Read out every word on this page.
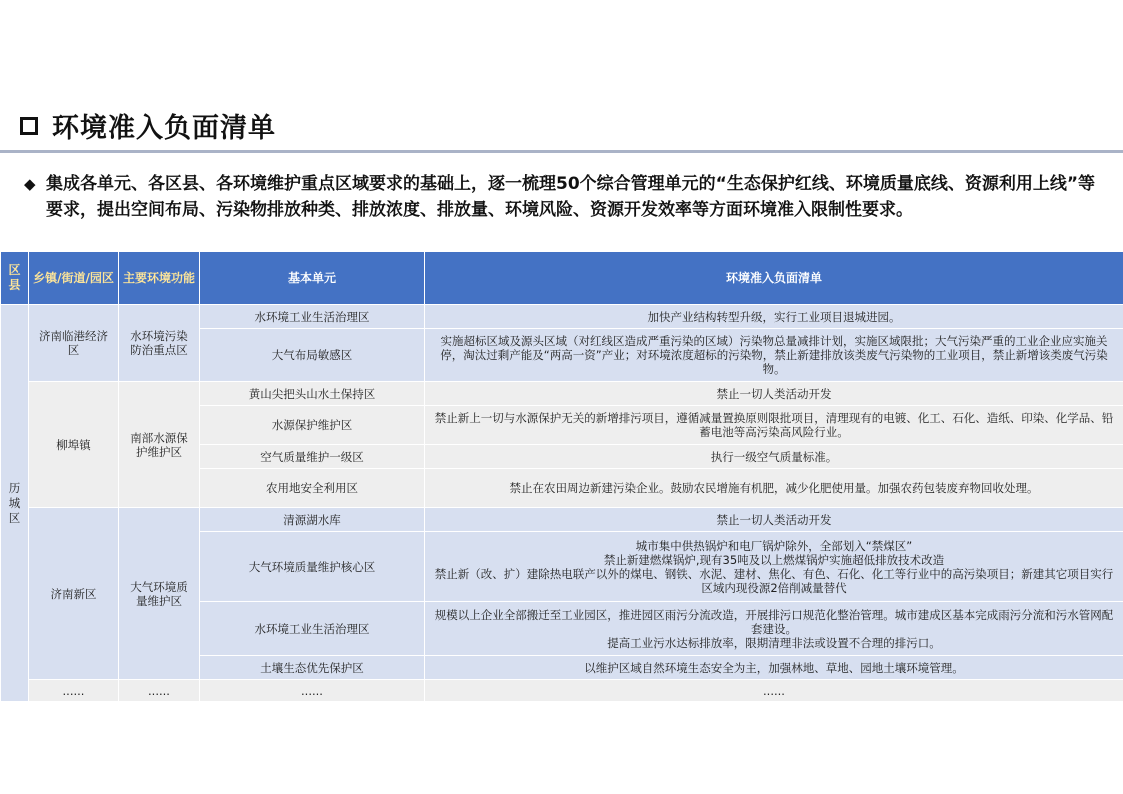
环境准入负面清单
◆ 集成各单元、各区县、各环境维护重点区域要求的基础上，逐一梳理50个综合管理单元的“生态保护红线、环境质量底线、资源利用上线”等要求，提出空间布局、污染物排放种类、排放浓度、排放量、环境风险、资源开发效率等方面环境准入限制性要求。
区县	乡镇/街道/园区	主要环境功能	基本单元	环境准入负面清单

历城区	济南临港经济区	水环境污染防治重点区	水环境工业生活治理区	加快产业结构转型升级，实行工业项目退城进园。
			大气布局敏感区	实施超标区域及源头区域（对红线区造成严重污染的区域）污染物总量减排计划，实施区域限批；大气污染严重的工业企业应实施关停，淘汰过剩产能及“两高一资”产业；对环境浓度超标的污染物，禁止新建排放该类废气污染物的工业项目，禁止新增该类废气污染物。
	柳埠镇	南部水源保护维护区	黄山尖把头山水土保持区	禁止一切人类活动开发
			水源保护维护区	禁止新上一切与水源保护无关的新增排污项目，遵循减量置换原则限批项目，清理现有的电镀、化工、石化、造纸、印染、化学品、铅蓄电池等高污染高风险行业。
			空气质量维护一级区	执行一级空气质量标准。
			农用地安全利用区	禁止在农田周边新建污染企业。鼓励农民增施有机肥，减少化肥使用量。加强农药包装废弃物回收处理。
	济南新区	大气环境质量维护区	清源湖水库	禁止一切人类活动开发
			大气环境质量维护核心区	城市集中供热锅炉和电厂锅炉除外，全部划入“禁煤区”
禁止新建燃煤锅炉,现有35吨及以上燃煤锅炉实施超低排放技术改造
禁止新（改、扩）建除热电联产以外的煤电、钢铁、水泥、建材、焦化、有色、石化、化工等行业中的高污染项目；新建其它项目实行区域内现役源2倍削减量替代
			水环境工业生活治理区	规模以上企业全部搬迁至工业园区，推进园区雨污分流改造，开展排污口规范化整治管理。城市建成区基本完成雨污分流和污水管网配套建设。
提高工业污水达标排放率，限期清理非法或设置不合理的排污口。
			土壤生态优先保护区	以维护区域自然环境生态安全为主，加强林地、草地、园地土壤环境管理。
	......	......	......	......
